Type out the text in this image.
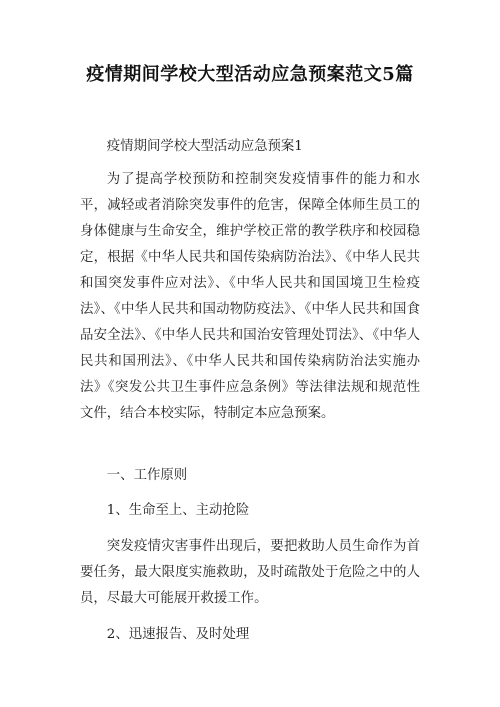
疫情期间学校大型活动应急预案范文5篇

疫情期间学校大型活动应急预案1

为了提高学校预防和控制突发疫情事件的能力和水平，减轻或者消除突发事件的危害，保障全体师生员工的身体健康与生命安全，维护学校正常的教学秩序和校园稳定，根据《中华人民共和国传染病防治法》、《中华人民共和国突发事件应对法》、《中华人民共和国国境卫生检疫法》、《中华人民共和国动物防疫法》、《中华人民共和国食品安全法》、《中华人民共和国治安管理处罚法》、《中华人民共和国刑法》、《中华人民共和国传染病防治法实施办法》《突发公共卫生事件应急条例》等法律法规和规范性文件，结合本校实际，特制定本应急预案。

一、工作原则

1、生命至上、主动抢险

突发疫情灾害事件出现后，要把救助人员生命作为首要任务，最大限度实施救助，及时疏散处于危险之中的人员，尽最大可能展开救援工作。

2、迅速报告、及时处理
